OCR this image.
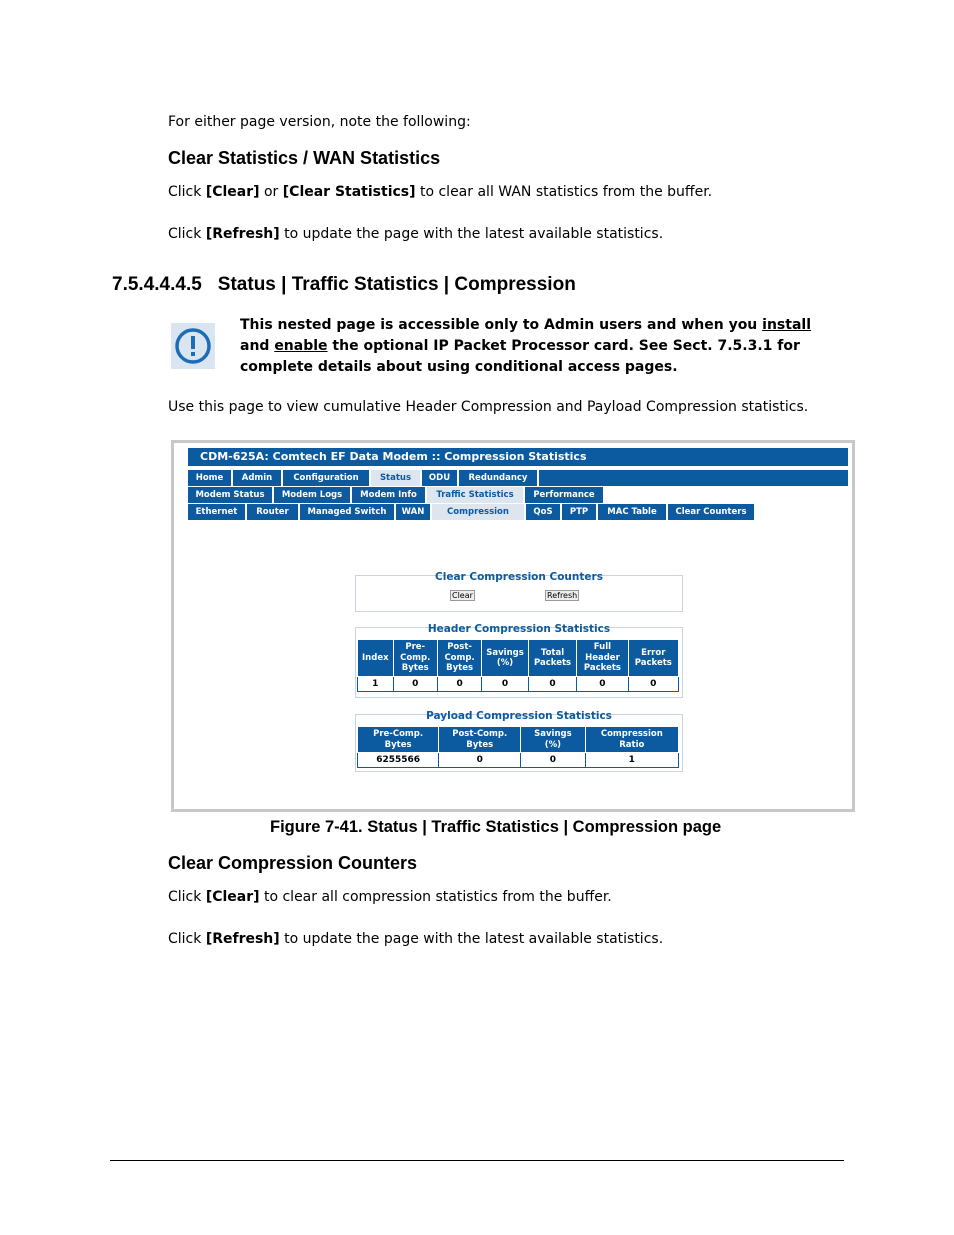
For either page version, note the following:
Clear Statistics / WAN Statistics
Click [Clear] or [Clear Statistics] to clear all WAN statistics from the buffer.
Click [Refresh] to update the page with the latest available statistics.
7.5.4.4.4.5 Status | Traffic Statistics | Compression
This nested page is accessible only to Admin users and when you install and enable the optional IP Packet Processor card. See Sect. 7.5.3.1 for complete details about using conditional access pages.
Use this page to view cumulative Header Compression and Payload Compression statistics.
CDM-625A: Comtech EF Data Modem :: Compression Statistics
Home	Admin	Configuration	Status	ODU	Redundancy
Modem Status	Modem Logs	Modem Info	Traffic Statistics	Performance
Ethernet	Router	Managed Switch	WAN	Compression	QoS	PTP	MAC Table	Clear Counters
Clear Compression Counters
Clear	Refresh
Header Compression Statistics
Index	Pre-
Comp.
Bytes	Post-
Comp.
Bytes	Savings
(%)	Total
Packets	Full
Header
Packets	Error
Packets
1	0	0	0	0	0	0
Payload Compression Statistics
Pre-Comp.
Bytes	Post-Comp.
Bytes	Savings
(%)	Compression
Ratio
6255566	0	0	1
Figure 7-41. Status | Traffic Statistics | Compression page
Clear Compression Counters
Click [Clear] to clear all compression statistics from the buffer.
Click [Refresh] to update the page with the latest available statistics.
